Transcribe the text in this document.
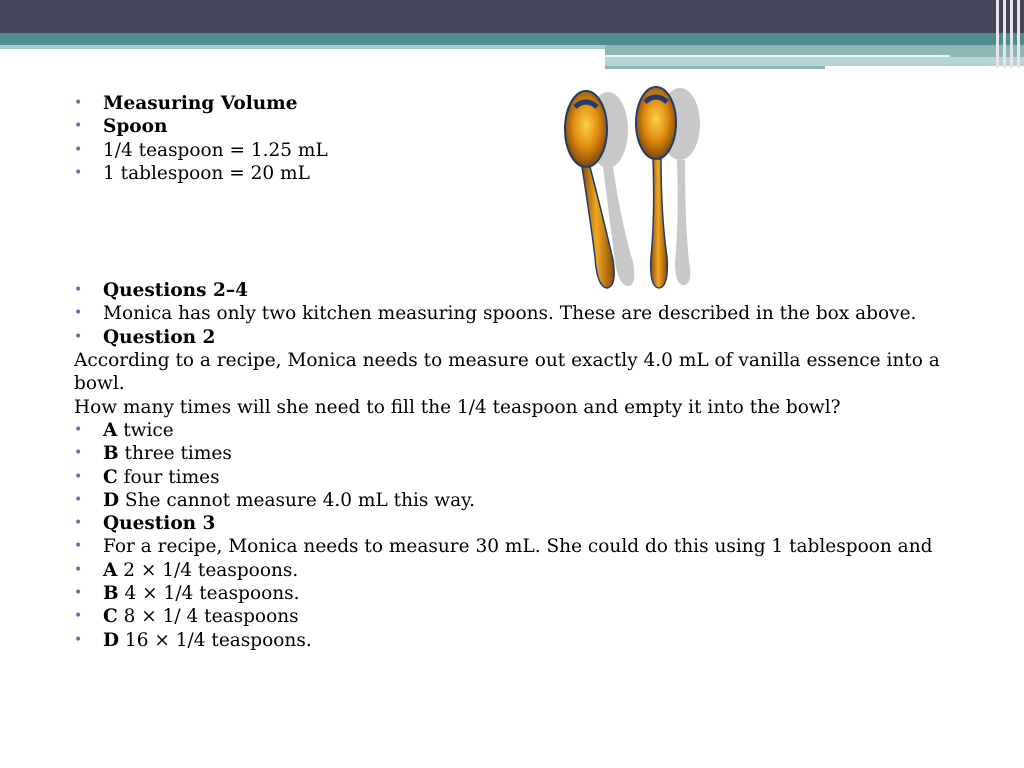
• Measuring Volume
• Spoon
• 1/4 teaspoon = 1.25 mL
• 1 tablespoon = 20 mL
• Questions 2–4
• Monica has only two kitchen measuring spoons. These are described in the box above.
• Question 2
According to a recipe, Monica needs to measure out exactly 4.0 mL of vanilla essence into a bowl.
How many times will she need to fill the 1/4 teaspoon and empty it into the bowl?
• A twice
• B three times
• C four times
• D She cannot measure 4.0 mL this way.
• Question 3
• For a recipe, Monica needs to measure 30 mL. She could do this using 1 tablespoon and
• A 2 × 1/4 teaspoons.
• B 4 × 1/4 teaspoons.
• C 8 × 1/ 4 teaspoons
• D 16 × 1/4 teaspoons.
